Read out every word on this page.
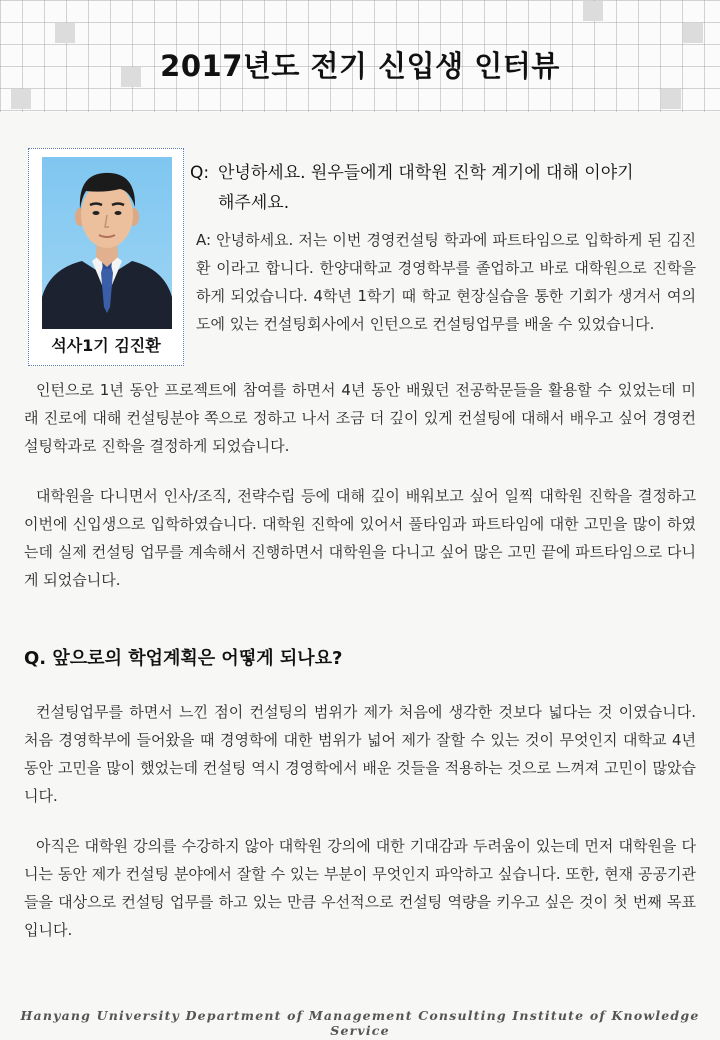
2017년도 전기 신입생 인터뷰
석사1기 김진환
Q: 안녕하세요. 원우들에게 대학원 진학 계기에 대해 이야기
해주세요.
A: 안녕하세요. 저는 이번 경영컨설팅 학과에 파트타임으로 입학하게 된 김진환 이라고 합니다. 한양대학교 경영학부를 졸업하고 바로 대학원으로 진학을 하게 되었습니다. 4학년 1학기 때 학교 현장실습을 통한 기회가 생겨서 여의도에 있는 컨설팅회사에서 인턴으로 컨설팅업무를 배울 수 있었습니다.
인턴으로 1년 동안 프로젝트에 참여를 하면서 4년 동안 배웠던 전공학문들을 활용할 수 있었는데 미래 진로에 대해 컨설팅분야 쪽으로 정하고 나서 조금 더 깊이 있게 컨설팅에 대해서 배우고 싶어 경영컨설팅학과로 진학을 결정하게 되었습니다.
대학원을 다니면서 인사/조직, 전략수립 등에 대해 깊이 배워보고 싶어 일찍 대학원 진학을 결정하고 이번에 신입생으로 입학하였습니다. 대학원 진학에 있어서 풀타임과 파트타임에 대한 고민을 많이 하였는데 실제 컨설팅 업무를 계속해서 진행하면서 대학원을 다니고 싶어 많은 고민 끝에 파트타임으로 다니게 되었습니다.
Q. 앞으로의 학업계획은 어떻게 되나요?
컨설팅업무를 하면서 느낀 점이 컨설팅의 범위가 제가 처음에 생각한 것보다 넓다는 것 이였습니다. 처음 경영학부에 들어왔을 때 경영학에 대한 범위가 넓어 제가 잘할 수 있는 것이 무엇인지 대학교 4년동안 고민을 많이 했었는데 컨설팅 역시 경영학에서 배운 것들을 적용하는 것으로 느껴져 고민이 많았습니다.
아직은 대학원 강의를 수강하지 않아 대학원 강의에 대한 기대감과 두려움이 있는데 먼저 대학원을 다니는 동안 제가 컨설팅 분야에서 잘할 수 있는 부분이 무엇인지 파악하고 싶습니다. 또한, 현재 공공기관들을 대상으로 컨설팅 업무를 하고 있는 만큼 우선적으로 컨설팅 역량을 키우고 싶은 것이 첫 번째 목표입니다.
Hanyang University Department of Management Consulting Institute of Knowledge Service
